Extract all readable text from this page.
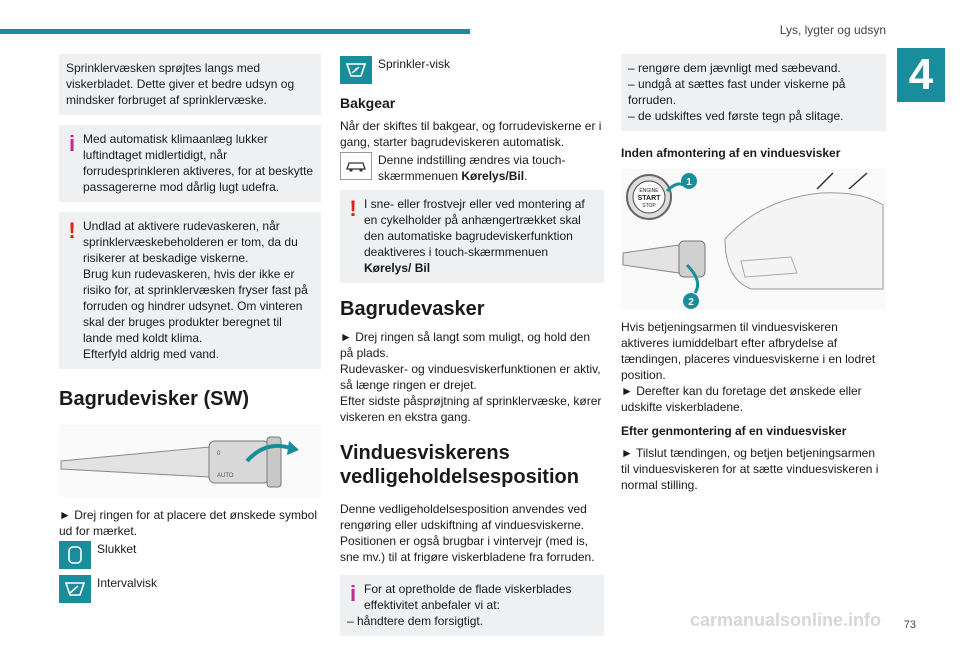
Lys, lygter og udsyn
4

Sprinklervæsken sprøjtes langs med viskerbladet. Dette giver et bedre udsyn og mindsker forbruget af sprinklervæske.

i Med automatisk klimaanlæg lukker luftindtaget midlertidigt, når forrudesprinkleren aktiveres, for at beskytte passagererne mod dårlig lugt udefra.

! Undlad at aktivere rudevaskeren, når sprinklervæskebeholderen er tom, da du risikerer at beskadige viskerne.

Brug kun rudevaskeren, hvis der ikke er risiko for, at sprinklervæsken fryser fast på forruden og hindrer udsynet. Om vinteren skal der bruges produkter beregnet til lande med koldt klima.

Efterfyld aldrig med vand.

Bagrudevisker (SW)
0
AUTO

► Drej ringen for at placere det ønskede symbol ud for mærket.

Slukket
Intervalvisk
Sprinkler-visk
Bakgear

Når der skiftes til bakgear, og forrudeviskerne er i gang, starter bagrudeviskeren automatisk.

Denne indstilling ændres via touch-skærmmenuen Kørelys/Bil.

! I sne- eller frostvejr eller ved montering af en cykelholder på anhængertrækket skal den automatiske bagrudeviskerfunktion deaktiveres i touch-skærmmenuen Kørelys/ Bil

Bagrudevasker

► Drej ringen så langt som muligt, og hold den på plads.

Rudevasker- og vinduesviskerfunktionen er aktiv, så længe ringen er drejet.

Efter sidste påsprøjtning af sprinklervæske, kører viskeren en ekstra gang.

Vinduesviskerens
vedligeholdelsesposition

Denne vedligeholdelsesposition anvendes ved rengøring eller udskiftning af vinduesviskerne.

Positionen er også brugbar i vintervejr (med is, sne mv.) til at frigøre viskerbladene fra forruden.

i For at opretholde de flade viskerblades effektivitet anbefaler vi at:

– håndtere dem forsigtigt.

– rengøre dem jævnligt med sæbevand.

– undgå at sættes fast under viskerne på forruden.

– de udskiftes ved første tegn på slitage.

Inden afmontering af en vinduesvisker
ENGINE
START
STOP
1
2

Hvis betjeningsarmen til vinduesviskeren aktiveres iumiddelbart efter afbrydelse af tændingen, placeres vinduesviskerne i en lodret position.

► Derefter kan du foretage det ønskede eller udskifte viskerbladene.

Efter genmontering af en vinduesvisker

► Tilslut tændingen, og betjen betjeningsarmen til vinduesviskeren for at sætte vinduesviskeren i normal stilling.

73
carmanualsonline.info
